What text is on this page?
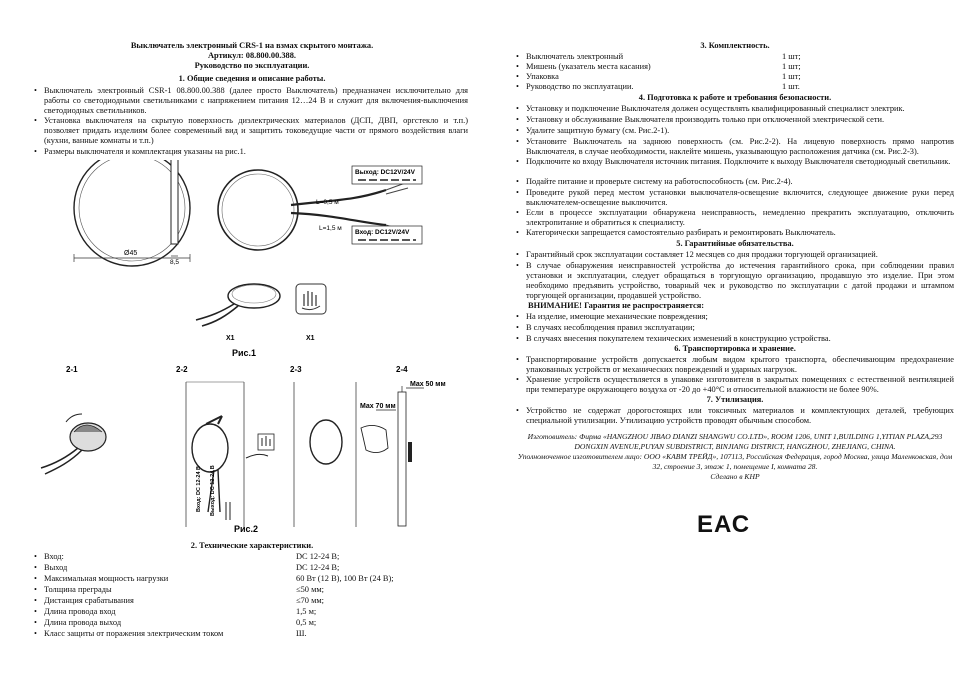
Выключатель электронный CRS-1 на взмах скрытого монтажа.
Артикул: 08.800.00.388.
Руководство по эксплуатации.
1. Общие сведения и описание работы.
• Выключатель электронный CSR-1 08.800.00.388 (далее просто Выключатель) предназначен исключительно для работы со светодиодными светильниками с напряжением питания 12…24 В и служит для включения-выключения светодиодных светильников.
• Установка выключателя на скрытую поверхность диэлектрических материалов (ДСП, ДВП, оргстекло и т.п.) позволяет придать изделиям более современный вид и защитить токоведущие части от прямого воздействия влаги (кухни, ванные комнаты и т.п.)
• Размеры выключателя и комплектация указаны на рис.1.
Ø45
8,5
L=0,5 м
L=1,5 м
Выход: DC12V/24V
Вход: DC12V/24V
X1	X1
Рис.1
2-1	2-2	2-3	2-4
Вход: DC 12-24 В Выход: DC 12-24 В
Max 50 мм
Max 70 мм
Рис.2
2. Технические характеристики.
• Вход:	DC 12-24 В;
• Выход	DC 12-24 В;
• Максимальная мощность нагрузки	60 Вт (12 В), 100 Вт (24 В);
• Толщина преграды	≤50 мм;
• Дистанция срабатывания	≤70 мм;
• Длина провода вход	1,5 м;
• Длина провода выход	0,5 м;
• Класс защиты от поражения электрическим током	Ш.
3. Комплектность.
• Выключатель электронный	1 шт;
• Мишень (указатель места касания)	1 шт;
• Упаковка	1 шт;
• Руководство по эксплуатации.	1 шт.
4. Подготовка к работе и требования безопасности.
• Установку и подключение Выключателя должен осуществлять квалифицированный специалист электрик.
• Установку и обслуживание Выключателя производить только при отключенной электрической сети.
• Удалите защитную бумагу (см. Рис.2-1).
• Установите Выключатель на заднюю поверхность (см. Рис.2-2). На лицевую поверхность прямо напротив Выключателя, в случае необходимости, наклейте мишень, указывающую расположения датчика (см. Рис.2-3).
• Подключите ко входу Выключателя источник питания. Подключите к выходу Выключателя светодиодный светильник.
• Подайте питание и проверьте систему на работоспособность (см. Рис.2-4).
• Проведите рукой перед местом установки выключателя-освещение включится, следующее движение руки перед выключателем-освещение выключится.
• Если в процессе эксплуатации обнаружена неисправность, немедленно прекратить эксплуатацию, отключить электропитание и обратиться к специалисту.
• Категорически запрещается самостоятельно разбирать и ремонтировать Выключатель.
5. Гарантийные обязательства.
• Гарантийный срок эксплуатации составляет 12 месяцев со дня продажи торгующей организацией.
• В случае обнаружения неисправностей устройства до истечения гарантийного срока, при соблюдении правил установки и эксплуатации, следует обращаться в торгующую организацию, продавшую это изделие. При этом необходимо предъявить устройство, товарный чек и руководство по эксплуатации с датой продажи и штампом торгующей организации, продавшей устройство.
ВНИМАНИЕ! Гарантия не распространяется:
• На изделие, имеющие механические повреждения;
• В случаях несоблюдения правил эксплуатации;
• В случаях внесения покупателем технических изменений в конструкцию устройства.
6. Транспортировка и хранение.
• Транспортирование устройств допускается любым видом крытого транспорта, обеспечивающим предохранение упакованных устройств от механических повреждений и ударных нагрузок.
• Хранение устройств осуществляется в упаковке изготовителя в закрытых помещениях с естественной вентиляцией при температуре окружающего воздуха от -20 до +40°С и относительной влажности не более 90%.
7. Утилизация.
• Устройство не содержат дорогостоящих или токсичных материалов и комплектующих деталей, требующих специальной утилизации. Утилизацию устройств проводят обычным способом.
Изготовитель: Фирма «HANGZHOU JIBAO DIANZI SHANGWU CO.LTD», ROOM 1206, UNIT 1,BUILDING 1,YITIAN PLAZA,293 DONGXIN AVENUE,PUYAN SUBDISTRICT, BINJIANG DISTRICT, HANGZHOU, ZHEJIANG, CHINA.
Уполномоченное изготовителем лицо: ООО «КАВМ ТРЕЙД», 107113, Российская Федерация, город Москва, улица Маленковская, дом 32, строение 3, этаж 1, помещение I, комната 28.
Сделано в КНР
ЕАС
